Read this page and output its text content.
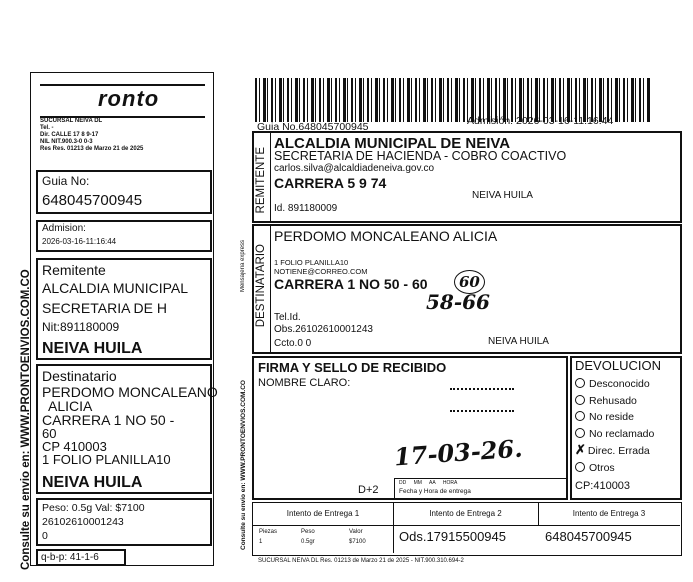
Consulte su envio en: WWW.PRONTOENVIOS.COM.CO
ronto
SUCURSAL NEIVA DL
Tel. -
Dir. CALLE 17 8 9-17
NIL NIT.900.3-0 0-3
Res Res. 01213 de Marzo 21 de 2025
Guia No:
648045700945
Admision:
2026-03-16-11:16:44
Remitente
ALCALDIA MUNICIPAL
SECRETARIA DE H
Nit:891180009
NEIVA HUILA
Destinatario
PERDOMO MONCALEANO
ALICIA
CARRERA 1 NO 50 -
60
CP 410003
1 FOLIO PLANILLA10
NEIVA HUILA
Peso: 0.5g Val: $7100
26102610001243
0
q-b-p: 41-1-6
Guia No.648045700945	Admisión: 2026-03-16-11:16:44
Consulte su envio en: WWW.PRONTOENVIOS.COM.CO
Mensajeria express
REMITENTE
ALCALDIA MUNICIPAL DE NEIVA
SECRETARIA DE HACIENDA - COBRO COACTIVO
carlos.silva@alcaldiadeneiva.gov.co
CARRERA 5 9 74
NEIVA HUILA
Id. 891180009
DESTINATARIO
PERDOMO MONCALEANO ALICIA
1 FOLIO PLANILLA10
NOTIENE@CORREO.COM
CARRERA 1 NO 50 - 60	60
58-66
Tel.Id.
Obs.26102610001243
Ccto.0 0	NEIVA HUILA
FIRMA Y SELLO DE RECIBIDO
NOMBRE CLARO:
17-03-26.
D+2
DD MM AA HORA
Fecha y Hora de entrega
DEVOLUCION
Desconocido
Rehusado
No reside
No reclamado
✗ Direc. Errada
Otros
CP:410003
Intento de Entrega 1	Intento de Entrega 2	Intento de Entrega 3
Piezas	Peso	Valor
1	0.5gr	$7100	Ods.17915500945	648045700945
SUCURSAL NEIVA DL Res. 01213 de Marzo 21 de 2025 - NIT.900.310.694-2
